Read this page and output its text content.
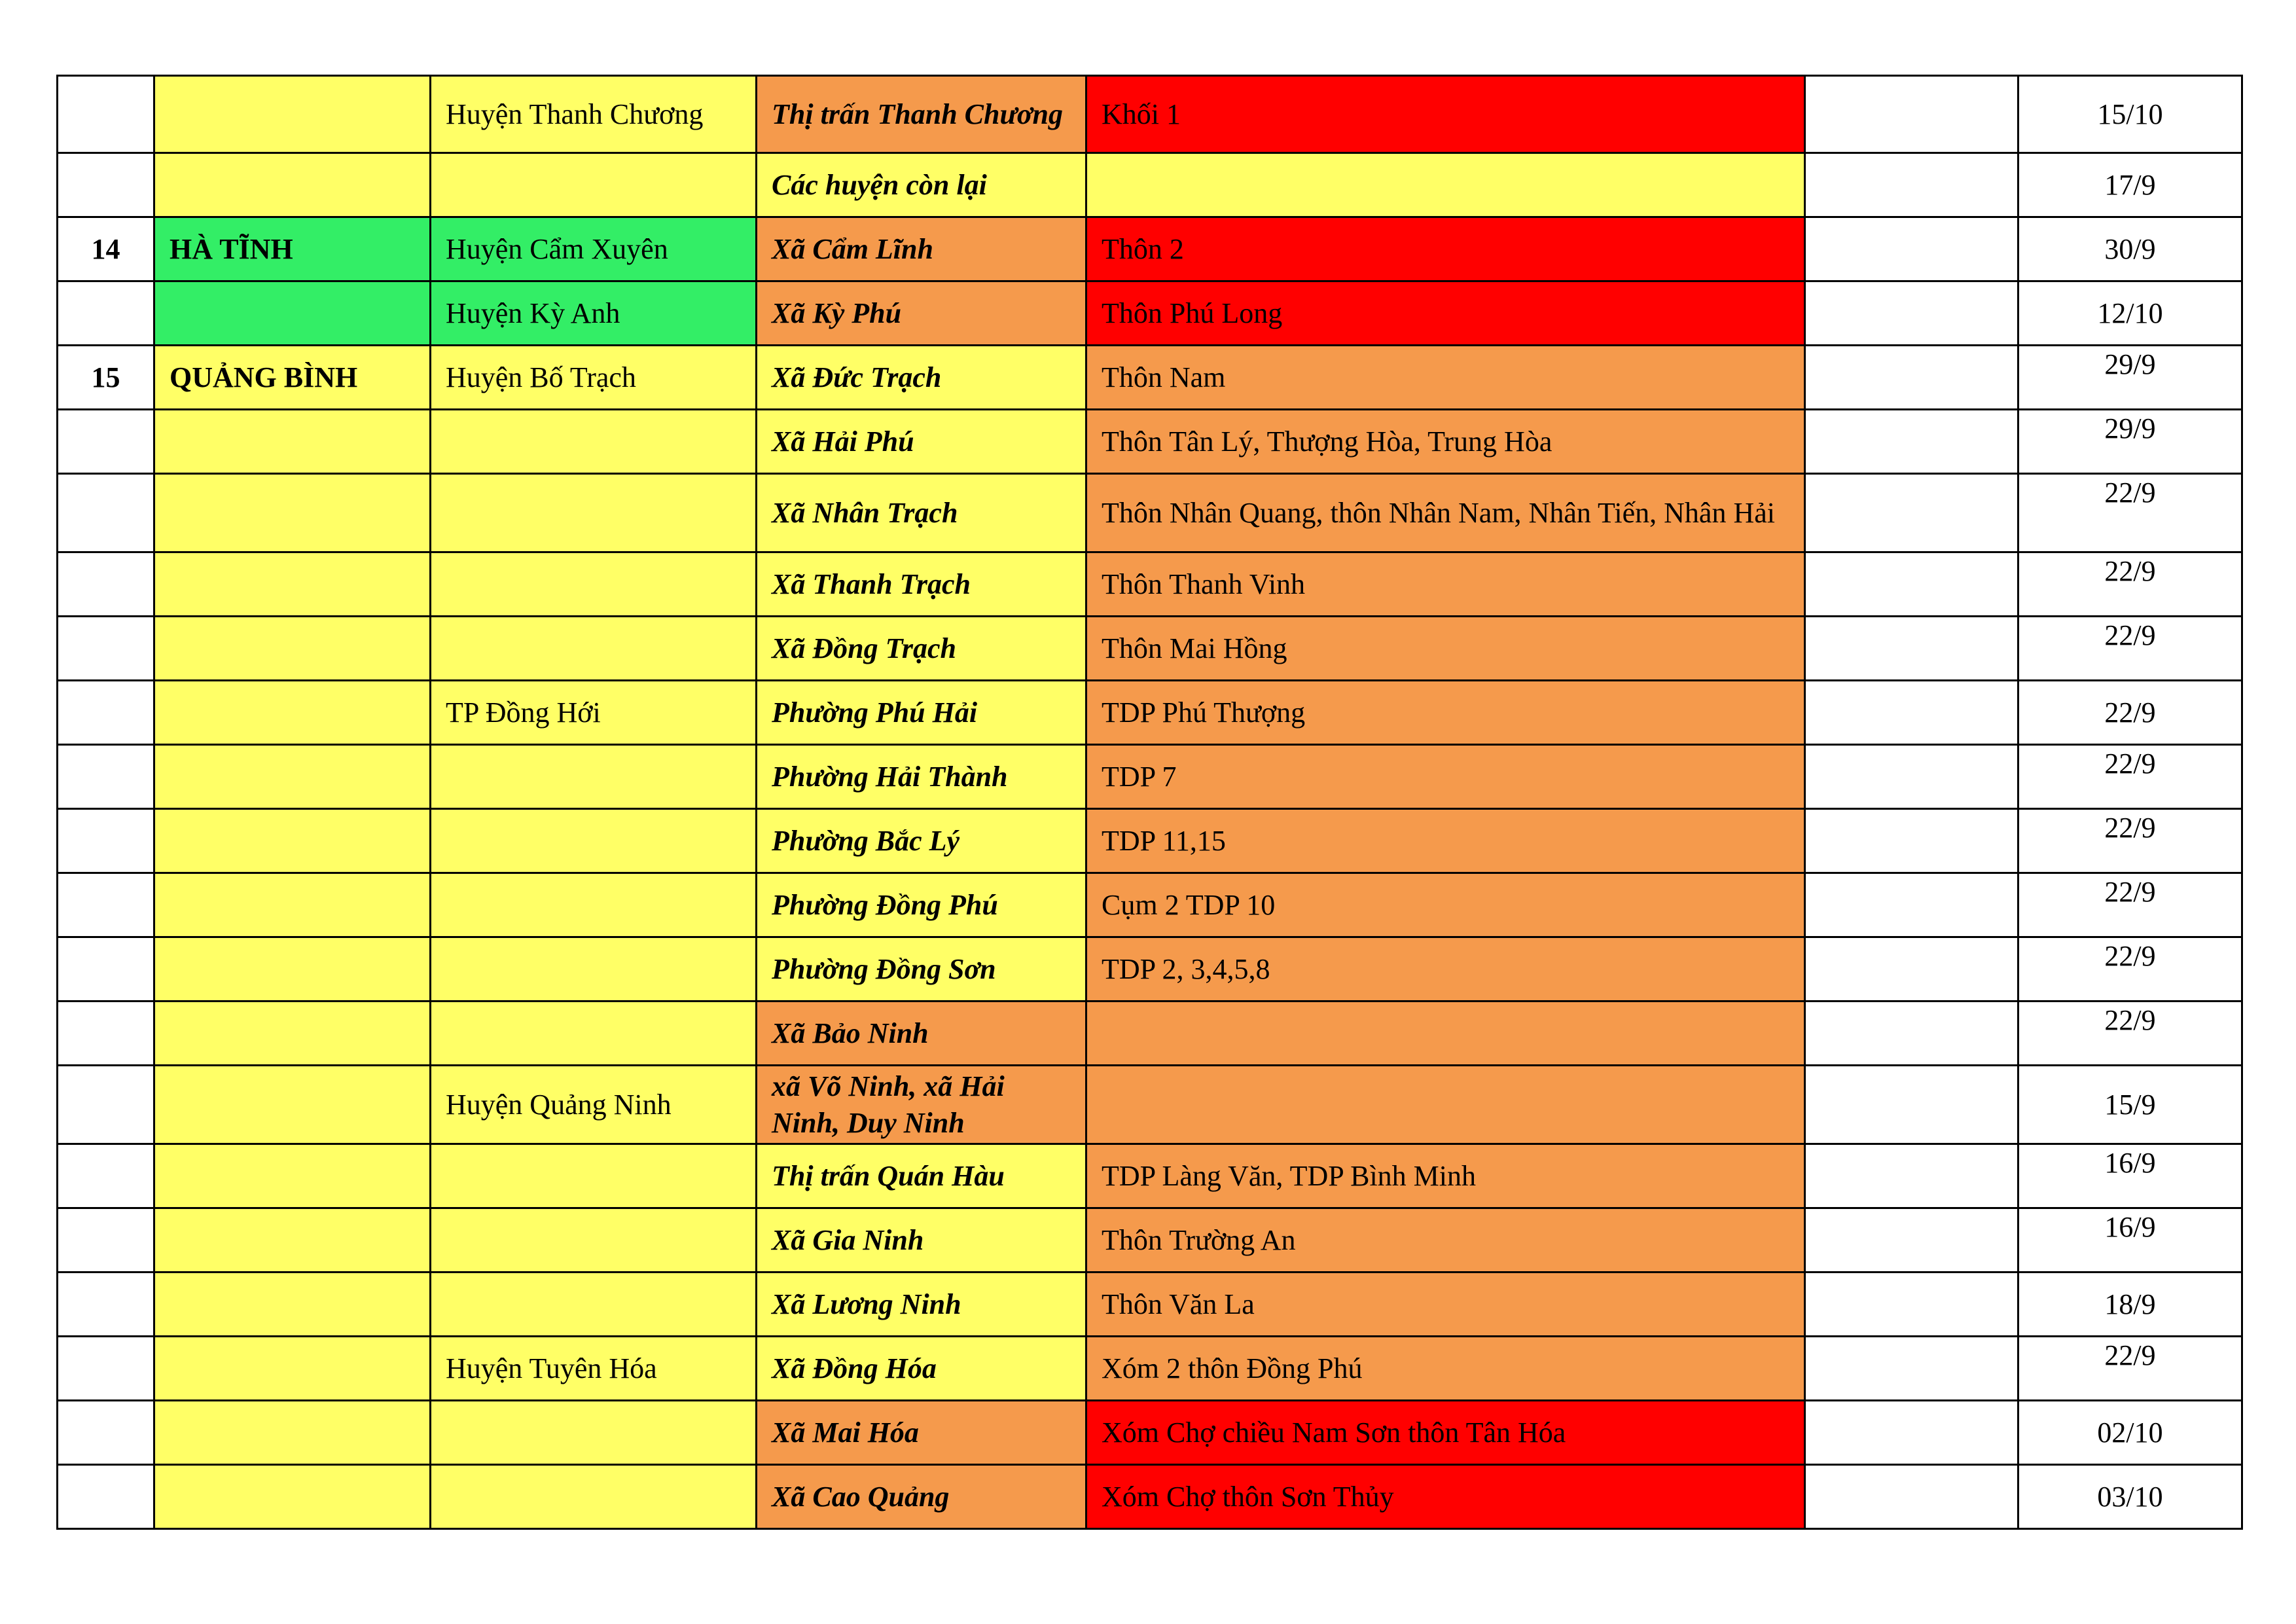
		Huyện Thanh Chương	Thị trấn Thanh Chương	Khối 1		15/10
			Các huyện còn lại			17/9
14	HÀ TĨNH	Huyện Cẩm Xuyên	Xã Cẩm Lĩnh	Thôn 2		30/9
		Huyện Kỳ Anh	Xã Kỳ Phú	Thôn Phú Long		12/10
15	QUẢNG BÌNH	Huyện Bố Trạch	Xã Đức Trạch	Thôn Nam		29/9
			Xã Hải Phú	Thôn Tân Lý, Thượng Hòa, Trung Hòa		29/9
			Xã Nhân Trạch	Thôn Nhân Quang, thôn Nhân Nam, Nhân Tiến, Nhân Hải		22/9
			Xã Thanh Trạch	Thôn Thanh Vinh		22/9
			Xã Đồng Trạch	Thôn Mai Hồng		22/9
		TP Đồng Hới	Phường Phú Hải	TDP Phú Thượng		22/9
			Phường Hải Thành	TDP 7		22/9
			Phường Bắc Lý	TDP 11,15		22/9
			Phường Đồng Phú	Cụm 2 TDP 10		22/9
			Phường Đồng Sơn	TDP 2, 3,4,5,8		22/9
			Xã Bảo Ninh			22/9
		Huyện Quảng Ninh	xã Võ Ninh, xã Hải Ninh, Duy Ninh			15/9
			Thị trấn Quán Hàu	TDP Làng Văn, TDP Bình Minh		16/9
			Xã Gia Ninh	Thôn Trường An		16/9
			Xã Lương Ninh	Thôn Văn La		18/9
		Huyện Tuyên Hóa	Xã Đồng Hóa	Xóm 2 thôn Đồng Phú		22/9
			Xã Mai Hóa	Xóm Chợ chiều Nam Sơn thôn Tân Hóa		02/10
			Xã Cao Quảng	Xóm Chợ thôn Sơn Thủy		03/10
